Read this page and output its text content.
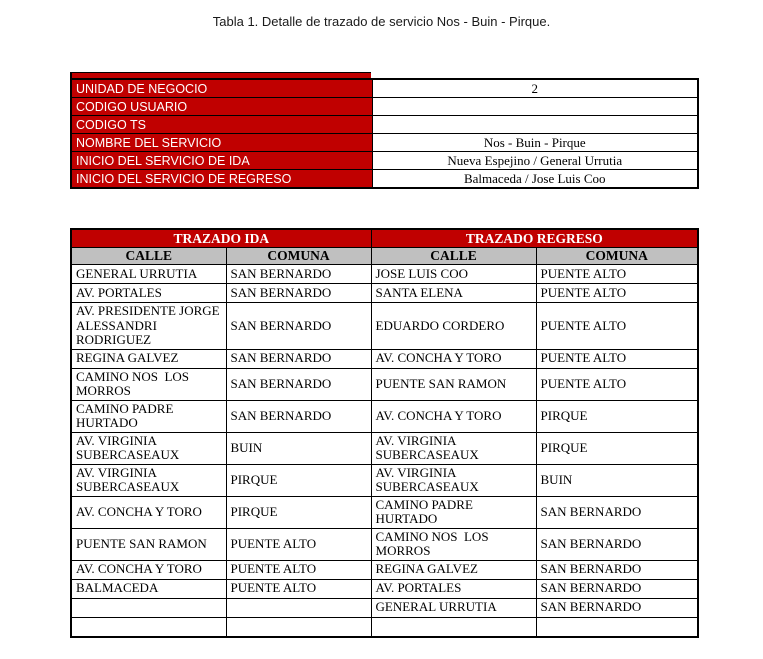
Tabla 1. Detalle de trazado de servicio Nos - Buin - Pirque.
UNIDAD DE NEGOCIO	2
CODIGO USUARIO	
CODIGO TS	
NOMBRE DEL SERVICIO	Nos - Buin - Pirque
INICIO DEL SERVICIO DE IDA	Nueva Espejino / General Urrutia
INICIO DEL SERVICIO DE REGRESO	Balmaceda / Jose Luis Coo
TRAZADO IDA		TRAZADO REGRESO	
CALLE	COMUNA	CALLE	COMUNA
GENERAL URRUTIA	SAN BERNARDO	JOSE LUIS COO	PUENTE ALTO
AV. PORTALES	SAN BERNARDO	SANTA ELENA	PUENTE ALTO
AV. PRESIDENTE JORGE ALESSANDRI RODRIGUEZ	SAN BERNARDO	EDUARDO CORDERO	PUENTE ALTO
REGINA GALVEZ	SAN BERNARDO	AV. CONCHA Y TORO	PUENTE ALTO
CAMINO NOS  LOS MORROS	SAN BERNARDO	PUENTE SAN RAMON	PUENTE ALTO
CAMINO PADRE HURTADO	SAN BERNARDO	AV. CONCHA Y TORO	PIRQUE
AV. VIRGINIA SUBERCASEAUX	BUIN	AV. VIRGINIA SUBERCASEAUX	PIRQUE
AV. VIRGINIA SUBERCASEAUX	PIRQUE	AV. VIRGINIA SUBERCASEAUX	BUIN
AV. CONCHA Y TORO	PIRQUE	CAMINO PADRE HURTADO	SAN BERNARDO
PUENTE SAN RAMON	PUENTE ALTO	CAMINO NOS  LOS MORROS	SAN BERNARDO
AV. CONCHA Y TORO	PUENTE ALTO	REGINA GALVEZ	SAN BERNARDO
BALMACEDA	PUENTE ALTO	AV. PORTALES	SAN BERNARDO
		GENERAL URRUTIA	SAN BERNARDO
